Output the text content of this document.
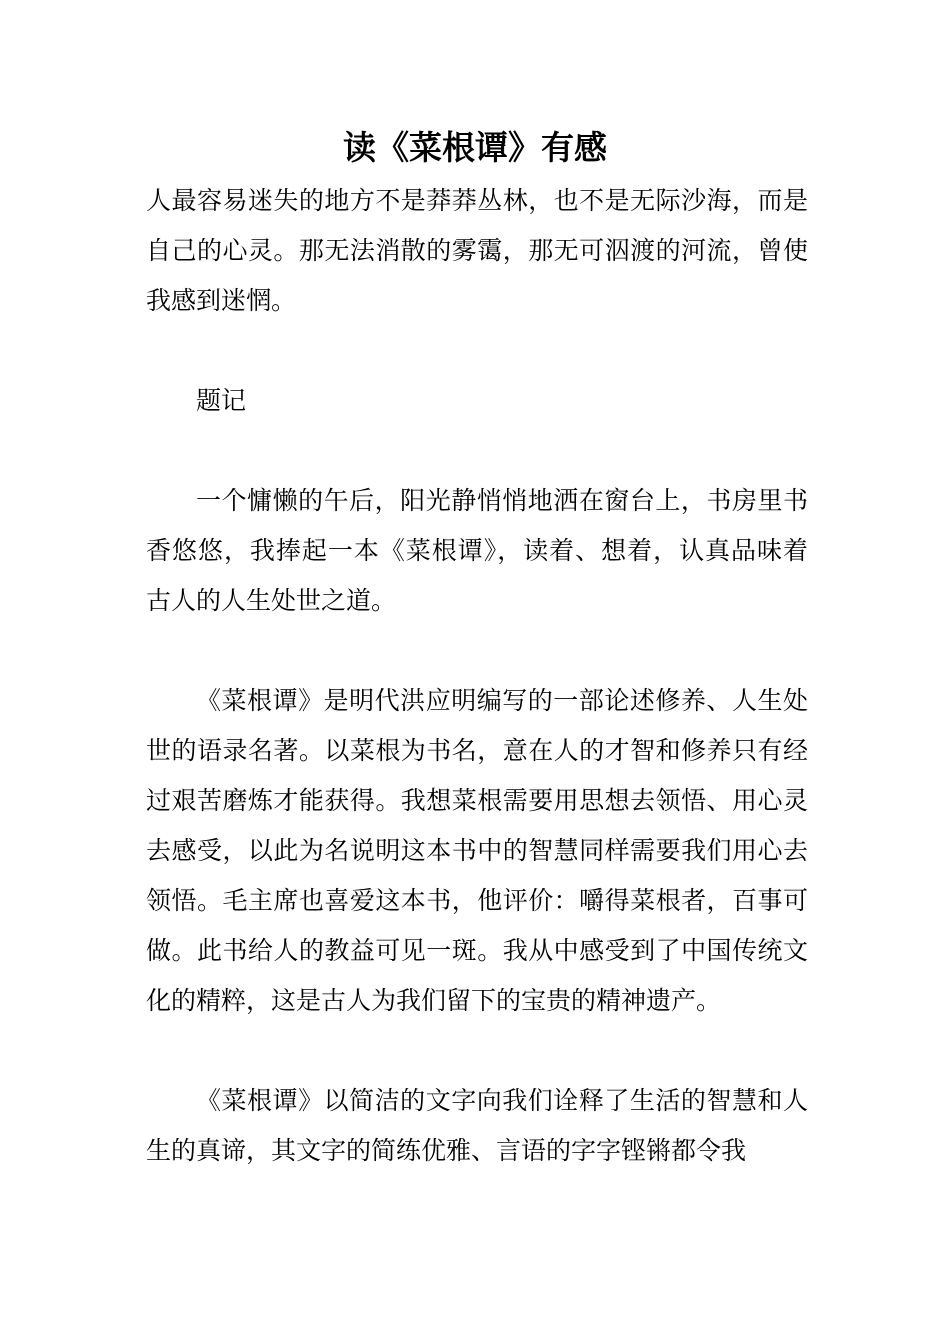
读《菜根谭》有感

人最容易迷失的地方不是莽莽丛林，也不是无际沙海，而是自己的心灵。那无法消散的雾霭，那无可泅渡的河流，曾使我感到迷惘。

题记

一个慵懒的午后，阳光静悄悄地洒在窗台上，书房里书香悠悠，我捧起一本《菜根谭》，读着、想着，认真品味着古人的人生处世之道。

《菜根谭》是明代洪应明编写的一部论述修养、人生处世的语录名著。以菜根为书名，意在人的才智和修养只有经过艰苦磨炼才能获得。我想菜根需要用思想去领悟、用心灵去感受，以此为名说明这本书中的智慧同样需要我们用心去领悟。毛主席也喜爱这本书，他评价：嚼得菜根者，百事可做。此书给人的教益可见一斑。我从中感受到了中国传统文化的精粹，这是古人为我们留下的宝贵的精神遗产。

《菜根谭》以简洁的文字向我们诠释了生活的智慧和人生的真谛，其文字的简练优雅、言语的字字铿锵都令我
